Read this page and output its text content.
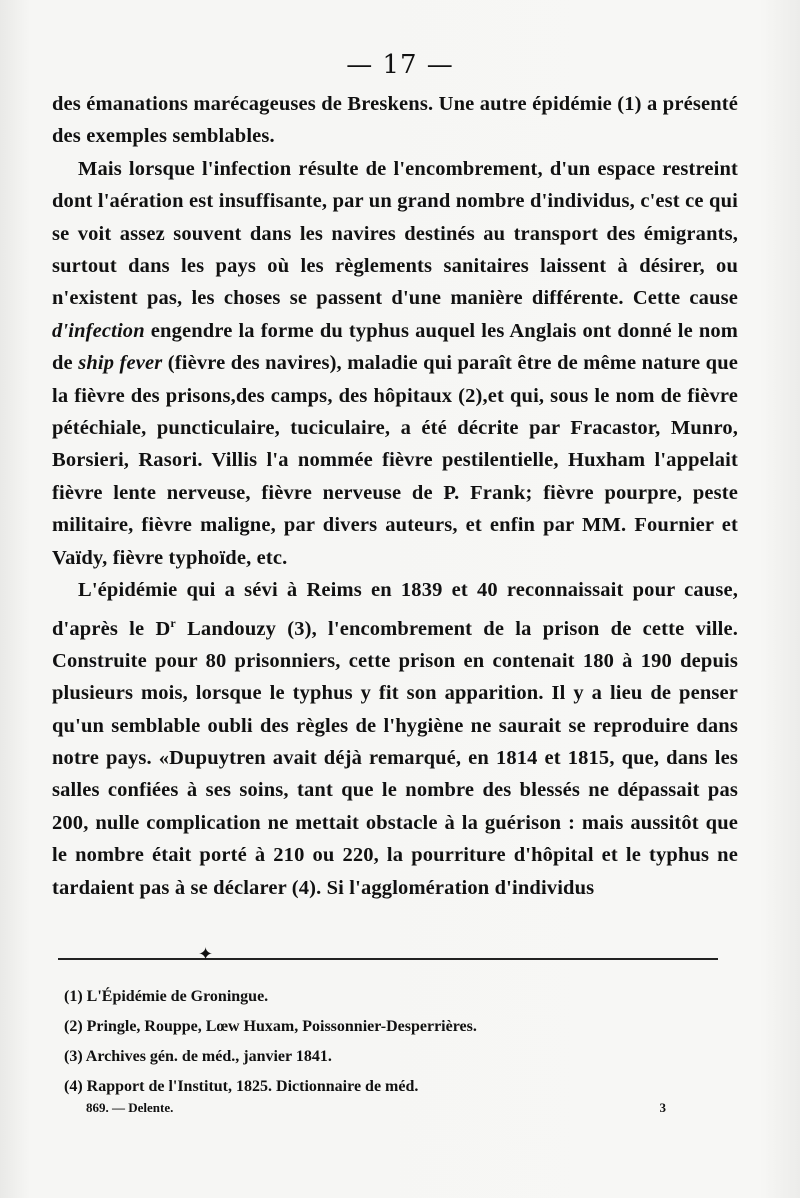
— 17 —

des émanations marécageuses de Breskens. Une autre épidémie (1) a présenté des exemples semblables.

Mais lorsque l'infection résulte de l'encombrement, d'un espace restreint dont l'aération est insuffisante, par un grand nombre d'individus, c'est ce qui se voit assez souvent dans les navires destinés au transport des émigrants, surtout dans les pays où les règlements sanitaires laissent à désirer, ou n'existent pas, les choses se passent d'une manière différente. Cette cause d'infection engendre la forme du typhus auquel les Anglais ont donné le nom de ship fever (fièvre des navires), maladie qui paraît être de même nature que la fièvre des prisons,des camps, des hôpitaux (2),et qui, sous le nom de fièvre pétéchiale, puncticulaire, tuciculaire, a été décrite par Fracastor, Munro, Borsieri, Rasori. Villis l'a nommée fièvre pestilentielle, Huxham l'appelait fièvre lente nerveuse, fièvre nerveuse de P. Frank; fièvre pourpre, peste militaire, fièvre maligne, par divers auteurs, et enfin par MM. Fournier et Vaïdy, fièvre typhoïde, etc.

L'épidémie qui a sévi à Reims en 1839 et 40 reconnaissait pour cause, d'après le $D^r$ Landouzy (3), l'encombrement de la prison de cette ville. Construite pour 80 prisonniers, cette prison en contenait 180 à 190 depuis plusieurs mois, lorsque le typhus y fit son apparition. Il y a lieu de penser qu'un semblable oubli des règles de l'hygiène ne saurait se reproduire dans notre pays. «Dupuytren avait déjà remarqué, en 1814 et 1815, que, dans les salles confiées à ses soins, tant que le nombre des blessés ne dépassait pas 200, nulle complication ne mettait obstacle à la guérison : mais aussitôt que le nombre était porté à 210 ou 220, la pourriture d'hôpital et le typhus ne tardaient pas à se déclarer (4). Si l'agglomération d'individus

✦
(1) L'Épidémie de Groningue.
(2) Pringle, Rouppe, Lœw Huxam, Poissonnier-Desperrières.
(3) Archives gén. de méd., janvier 1841.
(4) Rapport de l'Institut, 1825. Dictionnaire de méd.
869. — Delente.	3
